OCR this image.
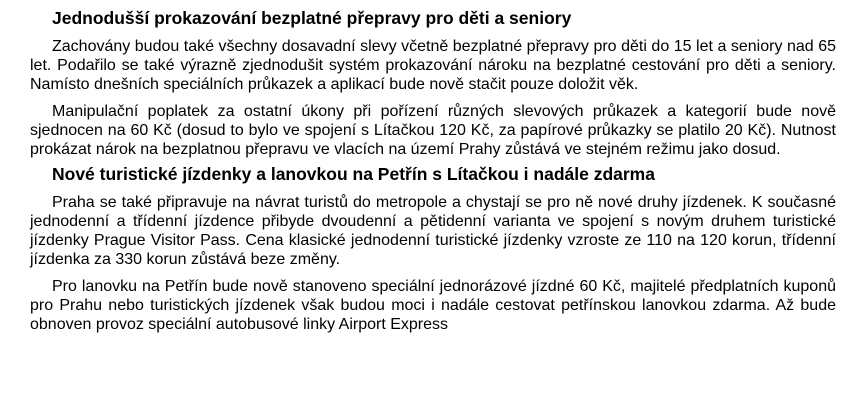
Jednodušší prokazování bezplatné přepravy pro děti a seniory

Zachovány budou také všechny dosavadní slevy včetně bezplatné přepravy pro děti do 15 let a seniory nad 65 let. Podařilo se také výrazně zjednodušit systém prokazování nároku na bezplatné cestování pro děti a seniory. Namísto dnešních speciálních průkazek a aplikací bude nově stačit pouze doložit věk.

Manipulační poplatek za ostatní úkony při pořízení různých slevových průkazek a kategorií bude nově sjednocen na 60 Kč (dosud to bylo ve spojení s Lítačkou 120 Kč, za papírové průkazky se platilo 20 Kč). Nutnost prokázat nárok na bezplatnou přepravu ve vlacích na území Prahy zůstává ve stejném režimu jako dosud.

Nové turistické jízdenky a lanovkou na Petřín s Lítačkou i nadále zdarma

Praha se také připravuje na návrat turistů do metropole a chystají se pro ně nové druhy jízdenek. K současné jednodenní a třídenní jízdence přibyde dvoudenní a pětidenní varianta ve spojení s novým druhem turistické jízdenky Prague Visitor Pass. Cena klasické jednodenní turistické jízdenky vzroste ze 110 na 120 korun, třídenní jízdenka za 330 korun zůstává beze změny.

Pro lanovku na Petřín bude nově stanoveno speciální jednorázové jízdné 60 Kč, majitelé předplatních kuponů pro Prahu nebo turistických jízdenek však budou moci i nadále cestovat petřínskou lanovkou zdarma. Až bude obnoven provoz speciální autobusové linky Airport Express
